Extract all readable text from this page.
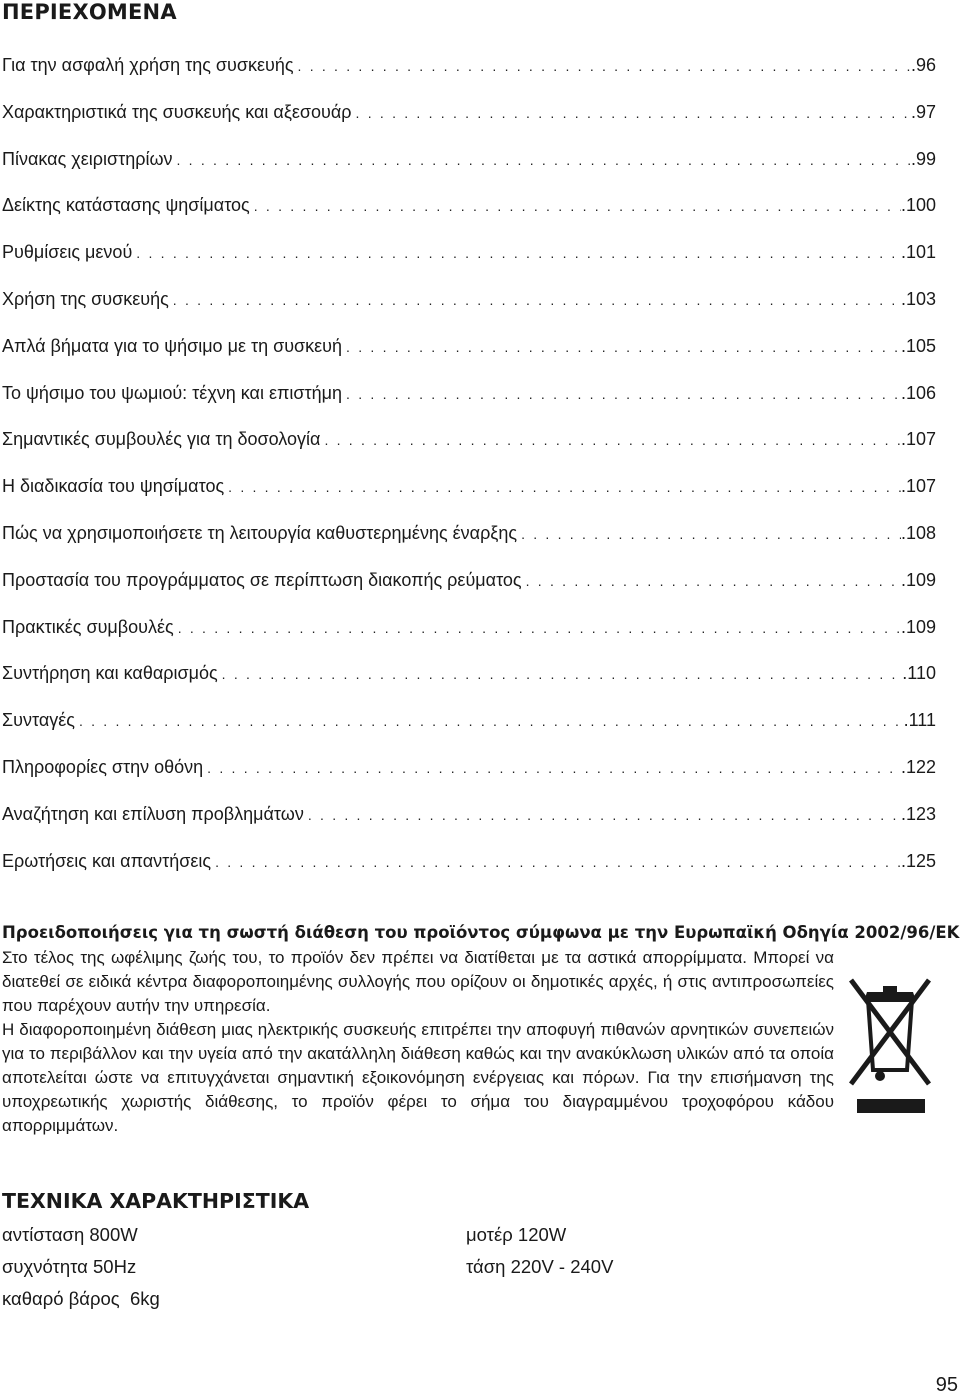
ΠΕΡΙΕΧΟΜΕΝΑ
Για την ασφαλή χρήση της συσκευής . . .	.96
Χαρακτηριστικά της συσκευής και αξεσουάρ . . .	.97
Πίνακας χειριστηρίων . . .	.99
Δείκτης κατάστασης ψησίματος . . .	.100
Ρυθμίσεις μενού . . .	.101
Χρήση της συσκευής . . .	.103
Απλά βήματα για το ψήσιμο με τη συσκευή . . .	.105
Το ψήσιμο του ψωμιού: τέχνη και επιστήμη . . .	.106
Σημαντικές συμβουλές για τη δοσολογία . . .	.107
Η διαδικασία του ψησίματος . . .	.107
Πώς να χρησιμοποιήσετε τη λειτουργία καθυστερημένης έναρξης . . .	.108
Προστασία του προγράμματος σε περίπτωση διακοπής ρεύματος . . .	.109
Πρακτικές συμβουλές . . .	.109
Συντήρηση και καθαρισμός . . .	.110
Συνταγές . . .	.111
Πληροφορίες στην οθόνη . . .	.122
Αναζήτηση και επίλυση προβλημάτων . . .	.123
Ερωτήσεις και απαντήσεις . . .	.125
Προειδοποιήσεις για τη σωστή διάθεση του προϊόντος σύμφωνα με την Ευρωπαϊκή Οδηγία 2002/96/ΕΚ

Στο τέλος της ωφέλιμης ζωής του, το προϊόν δεν πρέπει να διατίθεται με τα αστικά απορρίμματα. Μπορεί να διατεθεί σε ειδικά κέντρα διαφοροποιημένης συλλογής που ορίζουν οι δημοτικές αρχές, ή στις αντιπροσωπείες που παρέχουν αυτήν την υπηρεσία.

Η διαφοροποιημένη διάθεση μιας ηλεκτρικής συσκευής επιτρέπει την αποφυγή πιθανών αρνητικών συνεπειών για το περιβάλλον και την υγεία από την ακατάλληλη διάθεση καθώς και την ανακύκλωση υλικών από τα οποία αποτελείται ώστε να επιτυγχάνεται σημαντική εξοικονόμηση ενέργειας και πόρων. Για την επισήμανση της υποχρεωτικής χωριστής διάθεσης, το προϊόν φέρει το σήμα του διαγραμμένου τροχοφόρου κάδου απορριμμάτων.

ΤΕΧΝΙΚΑ ΧΑΡΑΚΤΗΡΙΣΤΙΚΑ
αντίσταση 800W	μοτέρ 120W
συχνότητα 50Hz	τάση 220V - 240V
καθαρό βάρος  6kg
95
